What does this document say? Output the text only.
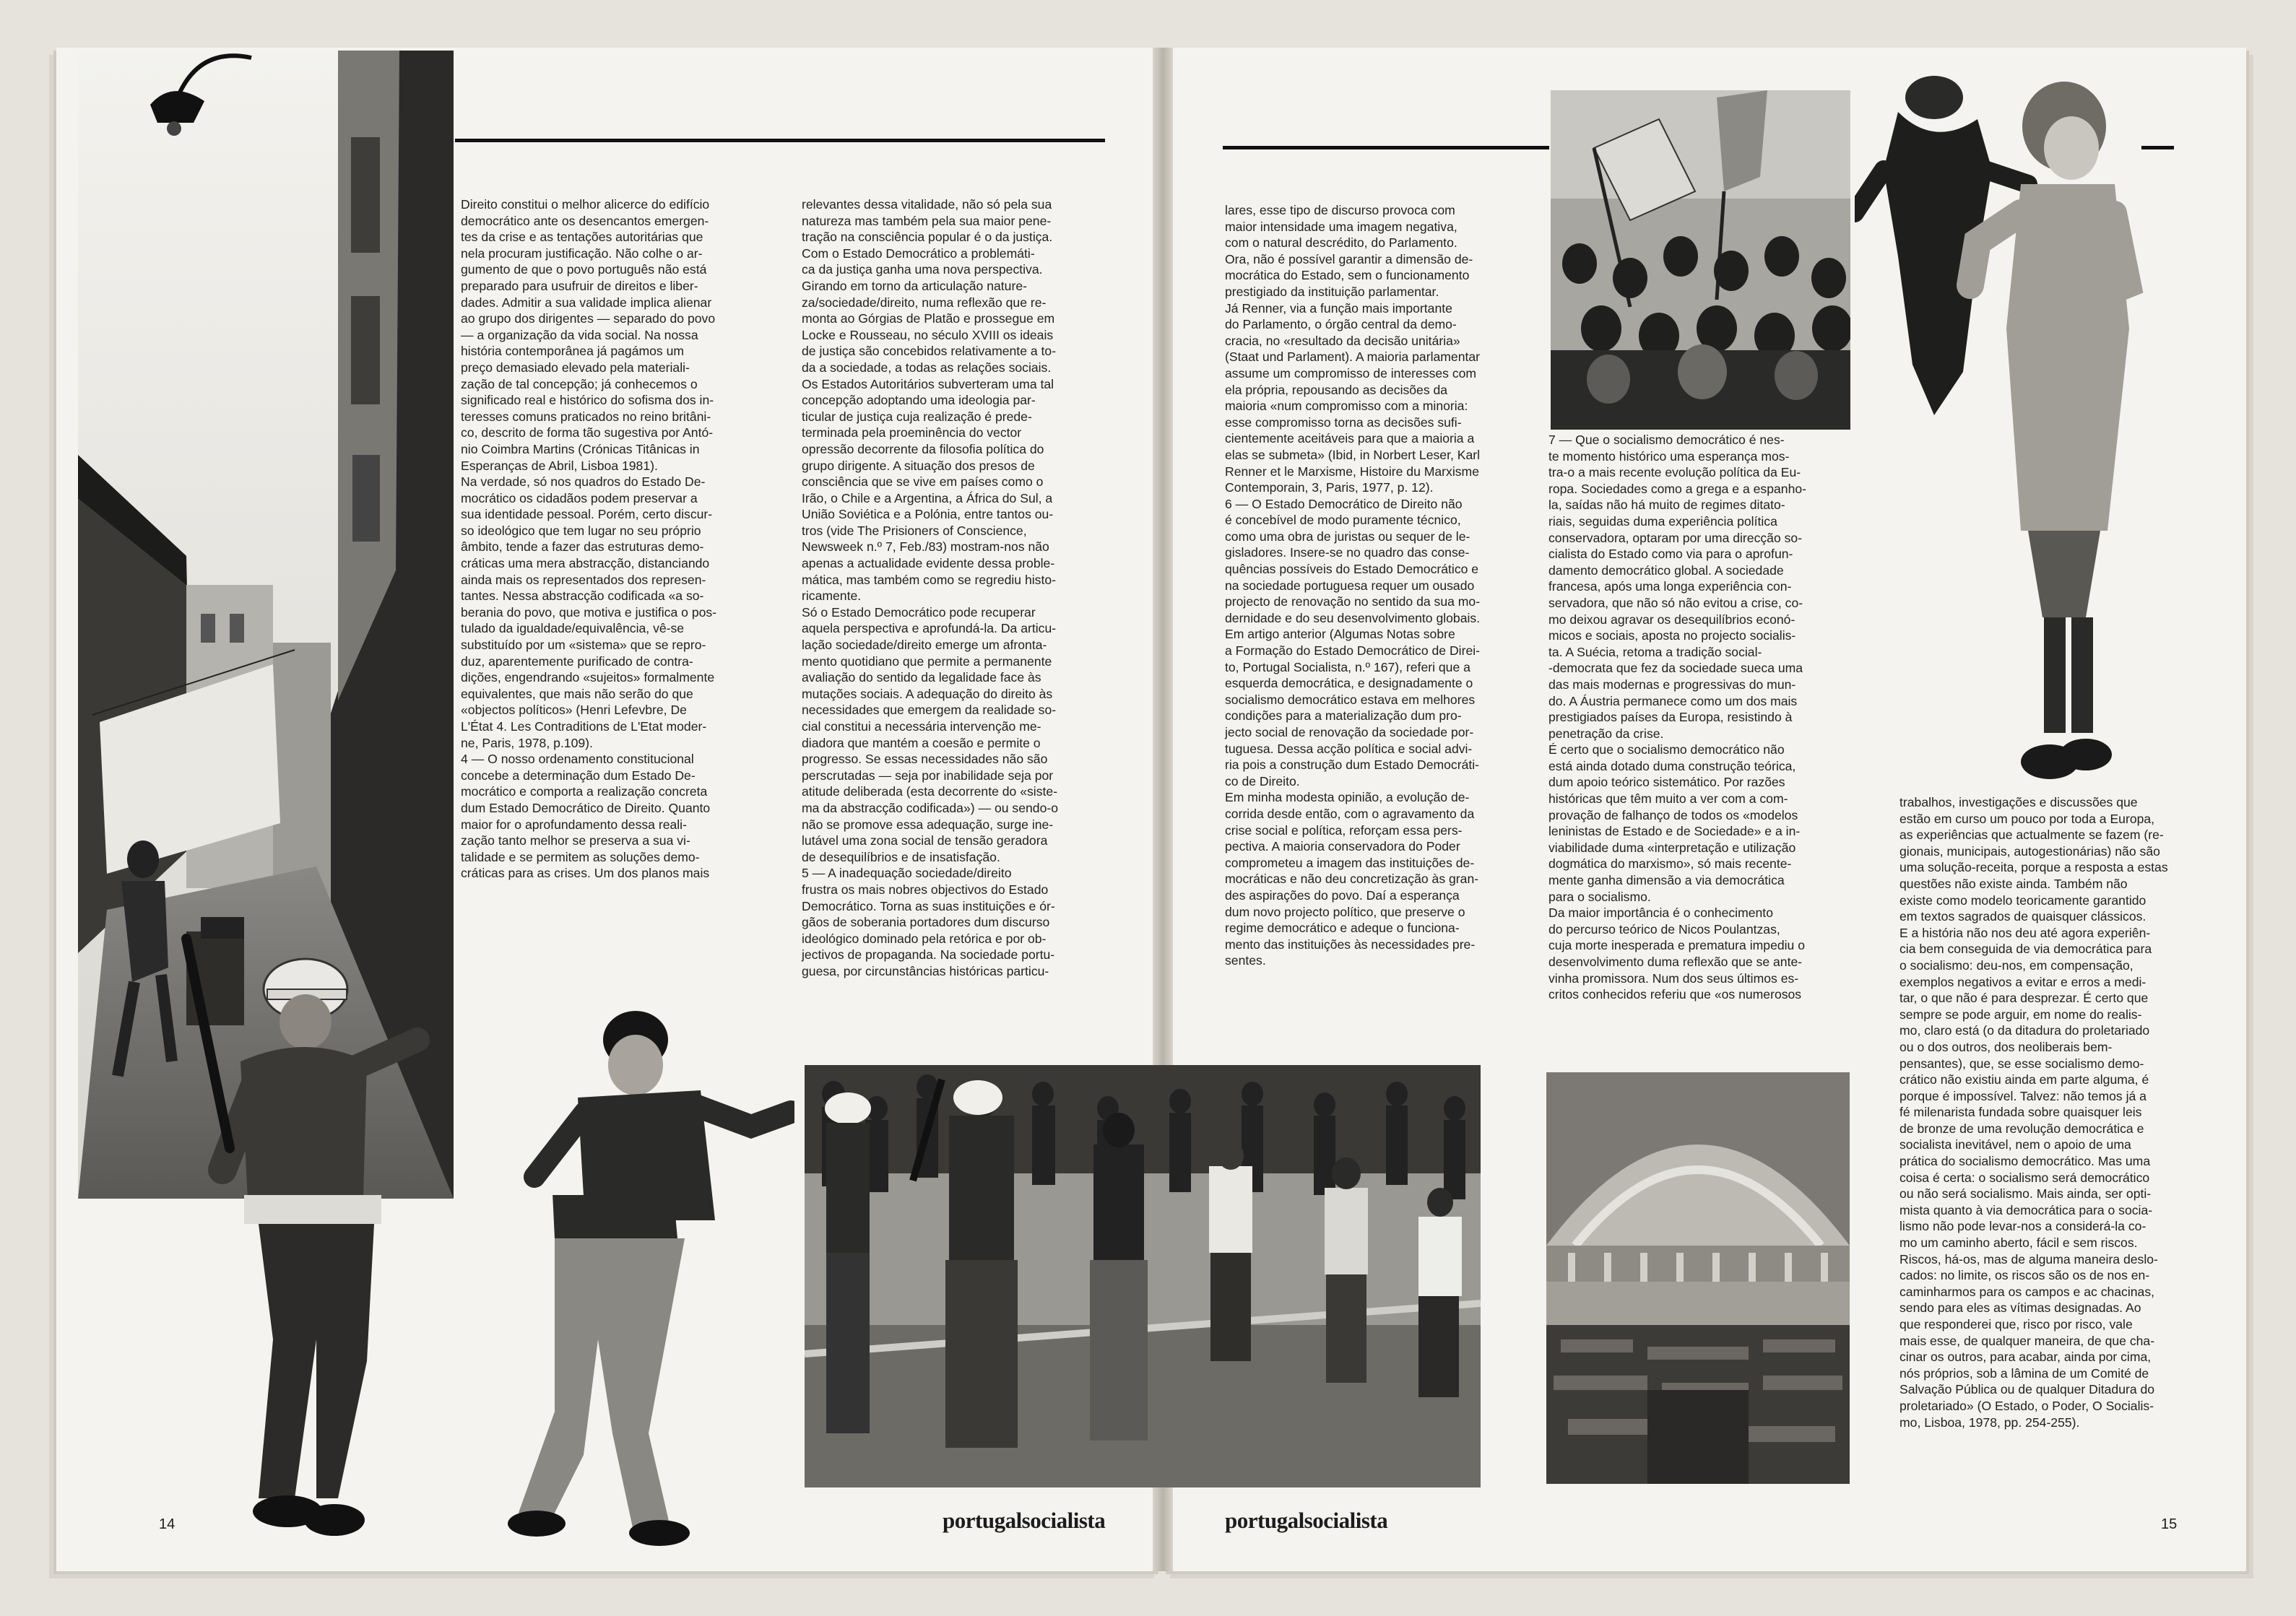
Direito constitui o melhor alicerce do edifício
democrático ante os desencantos emergen-
tes da crise e as tentações autoritárias que
nela procuram justificação. Não colhe o ar-
gumento de que o povo português não está
preparado para usufruir de direitos e liber-
dades. Admitir a sua validade implica alienar
ao grupo dos dirigentes — separado do povo
— a organização da vida social. Na nossa
história contemporânea já pagámos um
preço demasiado elevado pela materiali-
zação de tal concepção; já conhecemos o
significado real e histórico do sofisma dos in-
teresses comuns praticados no reino britâni-
co, descrito de forma tão sugestiva por Antó-
nio Coimbra Martins (Crónicas Titânicas in
Esperanças de Abril, Lisboa 1981).
Na verdade, só nos quadros do Estado De-
mocrático os cidadãos podem preservar a
sua identidade pessoal. Porém, certo discur-
so ideológico que tem lugar no seu próprio
âmbito, tende a fazer das estruturas demo-
cráticas uma mera abstracção, distanciando
ainda mais os representados dos represen-
tantes. Nessa abstracção codificada «a so-
berania do povo, que motiva e justifica o pos-
tulado da igualdade/equivalência, vê-se
substituído por um «sistema» que se repro-
duz, aparentemente purificado de contra-
dições, engendrando «sujeitos» formalmente
equivalentes, que mais não serão do que
«objectos políticos» (Henri Lefevbre, De
L'État 4. Les Contraditions de L'Etat moder-
ne, Paris, 1978, p.109).
4 — O nosso ordenamento constitucional
concebe a determinação dum Estado De-
mocrático e comporta a realização concreta
dum Estado Democrático de Direito. Quanto
maior for o aprofundamento dessa reali-
zação tanto melhor se preserva a sua vi-
talidade e se permitem as soluções demo-
cráticas para as crises. Um dos planos mais
relevantes dessa vitalidade, não só pela sua
natureza mas também pela sua maior pene-
tração na consciência popular é o da justiça.
Com o Estado Democrático a problemáti-
ca da justiça ganha uma nova perspectiva.
Girando em torno da articulação nature-
za/sociedade/direito, numa reflexão que re-
monta ao Górgias de Platão e prossegue em
Locke e Rousseau, no século XVIII os ideais
de justiça são concebidos relativamente a to-
da a sociedade, a todas as relações sociais.
Os Estados Autoritários subverteram uma tal
concepção adoptando uma ideologia par-
ticular de justiça cuja realização é prede-
terminada pela proeminência do vector
opressão decorrente da filosofia política do
grupo dirigente. A situação dos presos de
consciência que se vive em países como o
Irão, o Chile e a Argentina, a África do Sul, a
União Soviética e a Polónia, entre tantos ou-
tros (vide The Prisioners of Conscience,
Newsweek n.º 7, Feb./83) mostram-nos não
apenas a actualidade evidente dessa proble-
mática, mas também como se regrediu histo-
ricamente.
Só o Estado Democrático pode recuperar
aquela perspectiva e aprofundá-la. Da articu-
lação sociedade/direito emerge um afronta-
mento quotidiano que permite a permanente
avaliação do sentido da legalidade face às
mutações sociais. A adequação do direito às
necessidades que emergem da realidade so-
cial constitui a necessária intervenção me-
diadora que mantém a coesão e permite o
progresso. Se essas necessidades não são
perscrutadas — seja por inabilidade seja por
atitude deliberada (esta decorrente do «siste-
ma da abstracção codificada») — ou sendo-o
não se promove essa adequação, surge ine-
lutável uma zona social de tensão geradora
de desequilíbrios e de insatisfação.
5 — A inadequação sociedade/direito
frustra os mais nobres objectivos do Estado
Democrático. Torna as suas instituições e ór-
gãos de soberania portadores dum discurso
ideológico dominado pela retórica e por ob-
jectivos de propaganda. Na sociedade portu-
guesa, por circunstâncias históricas particu-
lares, esse tipo de discurso provoca com
maior intensidade uma imagem negativa,
com o natural descrédito, do Parlamento.
Ora, não é possível garantir a dimensão de-
mocrática do Estado, sem o funcionamento
prestigiado da instituição parlamentar.
Já Renner, via a função mais importante
do Parlamento, o órgão central da demo-
cracia, no «resultado da decisão unitária»
(Staat und Parlament). A maioria parlamentar
assume um compromisso de interesses com
ela própria, repousando as decisões da
maioria «num compromisso com a minoria:
esse compromisso torna as decisões sufi-
cientemente aceitáveis para que a maioria a
elas se submeta» (Ibid, in Norbert Leser, Karl
Renner et le Marxisme, Histoire du Marxisme
Contemporain, 3, Paris, 1977, p. 12).
6 — O Estado Democrático de Direito não
é concebível de modo puramente técnico,
como uma obra de juristas ou sequer de le-
gisladores. Insere-se no quadro das conse-
quências possíveis do Estado Democrático e
na sociedade portuguesa requer um ousado
projecto de renovação no sentido da sua mo-
dernidade e do seu desenvolvimento globais.
Em artigo anterior (Algumas Notas sobre
a Formação do Estado Democrático de Direi-
to, Portugal Socialista, n.º 167), referi que a
esquerda democrática, e designadamente o
socialismo democrático estava em melhores
condições para a materialização dum pro-
jecto social de renovação da sociedade por-
tuguesa. Dessa acção política e social advi-
ria pois a construção dum Estado Democráti-
co de Direito.
Em minha modesta opinião, a evolução de-
corrida desde então, com o agravamento da
crise social e política, reforçam essa pers-
pectiva. A maioria conservadora do Poder
comprometeu a imagem das instituições de-
mocráticas e não deu concretização às gran-
des aspirações do povo. Daí a esperança
dum novo projecto político, que preserve o
regime democrático e adeque o funciona-
mento das instituições às necessidades pre-
sentes.
7 — Que o socialismo democrático é nes-
te momento histórico uma esperança mos-
tra-o a mais recente evolução política da Eu-
ropa. Sociedades como a grega e a espanho-
la, saídas não há muito de regimes ditato-
riais, seguidas duma experiência política
conservadora, optaram por uma direcção so-
cialista do Estado como via para o aprofun-
damento democrático global. A sociedade
francesa, após uma longa experiência con-
servadora, que não só não evitou a crise, co-
mo deixou agravar os desequilíbrios econó-
micos e sociais, aposta no projecto socialis-
ta. A Suécia, retoma a tradição social-
-democrata que fez da sociedade sueca uma
das mais modernas e progressivas do mun-
do. A Áustria permanece como um dos mais
prestigiados países da Europa, resistindo à
penetração da crise.
É certo que o socialismo democrático não
está ainda dotado duma construção teórica,
dum apoio teórico sistemático. Por razões
históricas que têm muito a ver com a com-
provação de falhanço de todos os «modelos
leninistas de Estado e de Sociedade» e a in-
viabilidade duma «interpretação e utilização
dogmática do marxismo», só mais recente-
mente ganha dimensão a via democrática
para o socialismo.
Da maior importância é o conhecimento
do percurso teórico de Nicos Poulantzas,
cuja morte inesperada e prematura impediu o
desenvolvimento duma reflexão que se ante-
vinha promissora. Num dos seus últimos es-
critos conhecidos referiu que «os numerosos
trabalhos, investigações e discussões que
estão em curso um pouco por toda a Europa,
as experiências que actualmente se fazem (re-
gionais, municipais, autogestionárias) não são
uma solução-receita, porque a resposta a estas
questões não existe ainda. Também não
existe como modelo teoricamente garantido
em textos sagrados de quaisquer clássicos.
E a história não nos deu até agora experiên-
cia bem conseguida de via democrática para
o socialismo: deu-nos, em compensação,
exemplos negativos a evitar e erros a medi-
tar, o que não é para desprezar. É certo que
sempre se pode arguir, em nome do realis-
mo, claro está (o da ditadura do proletariado
ou o dos outros, dos neoliberais bem-
pensantes), que, se esse socialismo demo-
crático não existiu ainda em parte alguma, é
porque é impossível. Talvez: não temos já a
fé milenarista fundada sobre quaisquer leis
de bronze de uma revolução democrática e
socialista inevitável, nem o apoio de uma
prática do socialismo democrático. Mas uma
coisa é certa: o socialismo será democrático
ou não será socialismo. Mais ainda, ser opti-
mista quanto à via democrática para o socia-
lismo não pode levar-nos a considerá-la co-
mo um caminho aberto, fácil e sem riscos.
Riscos, há-os, mas de alguma maneira deslo-
cados: no limite, os riscos são os de nos en-
caminharmos para os campos e ac chacinas,
sendo para eles as vítimas designadas. Ao
que responderei que, risco por risco, vale
mais esse, de qualquer maneira, de que cha-
cinar os outros, para acabar, ainda por cima,
nós próprios, sob a lâmina de um Comité de
Salvação Pública ou de qualquer Ditadura do
proletariado» (O Estado, o Poder, O Socialis-
mo, Lisboa, 1978, pp. 254-255).
14	portugalsocialista	portugalsocialista	15
